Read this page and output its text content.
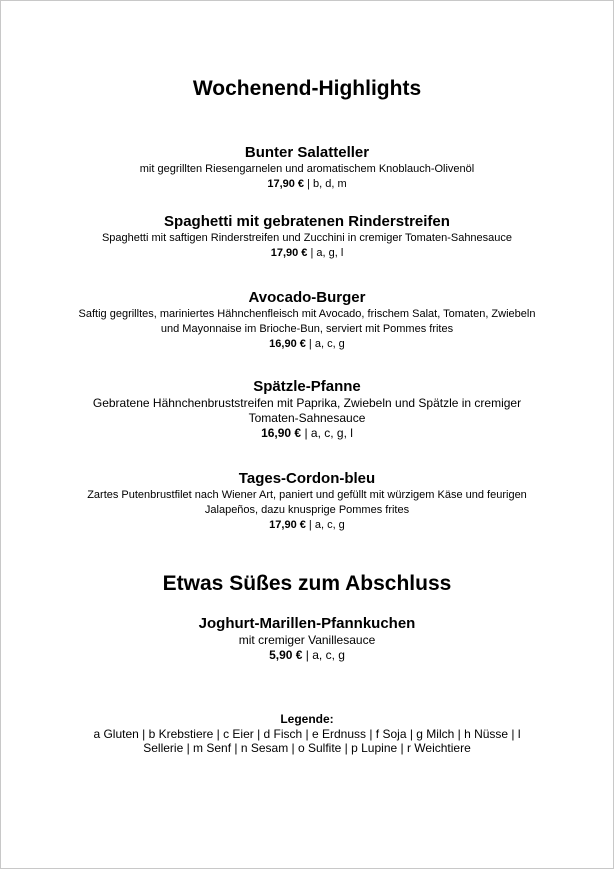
Wochenend-Highlights

Bunter Salatteller

mit gegrillten Riesengarnelen und aromatischem Knoblauch-Olivenöl

17,90 € | b, d, m

Spaghetti mit gebratenen Rinderstreifen

Spaghetti mit saftigen Rinderstreifen und Zucchini in cremiger Tomaten-Sahnesauce

17,90 € | a, g, l

Avocado-Burger

Saftig gegrilltes, mariniertes Hähnchenfleisch mit Avocado, frischem Salat, Tomaten, Zwiebeln und Mayonnaise im Brioche-Bun, serviert mit Pommes frites

16,90 € | a, c, g

Spätzle-Pfanne

Gebratene Hähnchenbruststreifen mit Paprika, Zwiebeln und Spätzle in cremiger Tomaten-Sahnesauce

16,90 € | a, c, g, l

Tages-Cordon-bleu

Zartes Putenbrustfilet nach Wiener Art, paniert und gefüllt mit würzigem Käse und feurigen Jalapeños, dazu knusprige Pommes frites

17,90 € | a, c, g

Etwas Süßes zum Abschluss

Joghurt-Marillen-Pfannkuchen

mit cremiger Vanillesauce

5,90 € | a, c, g

Legende:

a Gluten | b Krebstiere | c Eier | d Fisch | e Erdnuss | f Soja | g Milch | h Nüsse | l Sellerie | m Senf | n Sesam | o Sulfite | p Lupine | r Weichtiere
